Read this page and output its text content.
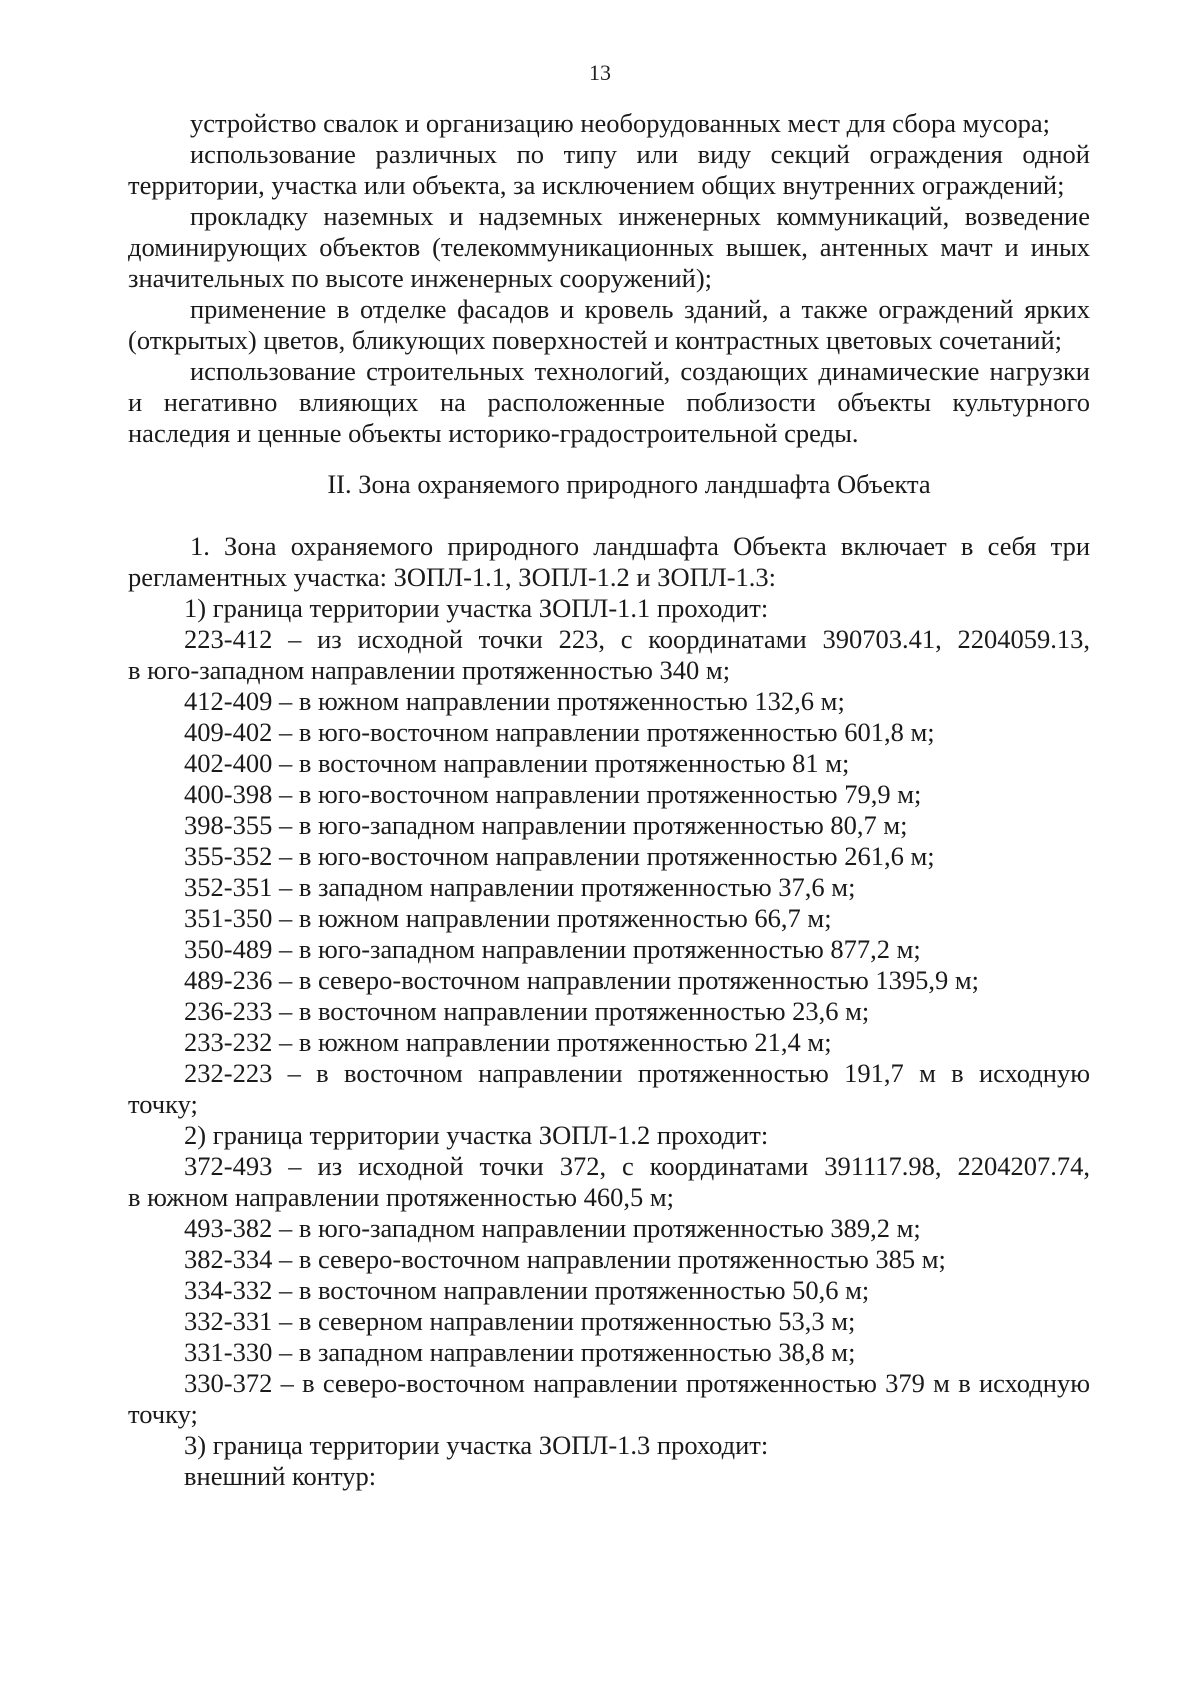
13
устройство свалок и организацию необорудованных мест для сбора мусора;
использование различных по типу или виду секций ограждения одной
территории, участка или объекта, за исключением общих внутренних ограждений;
прокладку наземных и надземных инженерных коммуникаций, возведение
доминирующих объектов (телекоммуникационных вышек, антенных мачт и иных
значительных по высоте инженерных сооружений);
применение в отделке фасадов и кровель зданий, а также ограждений ярких
(открытых) цветов, бликующих поверхностей и контрастных цветовых сочетаний;
использование строительных технологий, создающих динамические нагрузки
и негативно влияющих на расположенные поблизости объекты культурного
наследия и ценные объекты историко-градостроительной среды.
II. Зона охраняемого природного ландшафта Объекта
1. Зона охраняемого природного ландшафта Объекта включает в себя три
регламентных участка: ЗОПЛ-1.1, ЗОПЛ-1.2 и ЗОПЛ-1.3:
1) граница территории участка ЗОПЛ-1.1 проходит:
223-412 – из исходной точки 223, с координатами 390703.41, 2204059.13,
в юго-западном направлении протяженностью 340 м;
412-409 – в южном направлении протяженностью 132,6 м;
409-402 – в юго-восточном направлении протяженностью 601,8 м;
402-400 – в восточном направлении протяженностью 81 м;
400-398 – в юго-восточном направлении протяженностью 79,9 м;
398-355 – в юго-западном направлении протяженностью 80,7 м;
355-352 – в юго-восточном направлении протяженностью 261,6 м;
352-351 – в западном направлении протяженностью 37,6 м;
351-350 – в южном направлении протяженностью 66,7 м;
350-489 – в юго-западном направлении протяженностью 877,2 м;
489-236 – в северо-восточном направлении протяженностью 1395,9 м;
236-233 – в восточном направлении протяженностью 23,6 м;
233-232 – в южном направлении протяженностью 21,4 м;
232-223 – в восточном направлении протяженностью 191,7 м в исходную
точку;
2) граница территории участка ЗОПЛ-1.2 проходит:
372-493 – из исходной точки 372, с координатами 391117.98, 2204207.74,
в южном направлении протяженностью 460,5 м;
493-382 – в юго-западном направлении протяженностью 389,2 м;
382-334 – в северо-восточном направлении протяженностью 385 м;
334-332 – в восточном направлении протяженностью 50,6 м;
332-331 – в северном направлении протяженностью 53,3 м;
331-330 – в западном направлении протяженностью 38,8 м;
330-372 – в северо-восточном направлении протяженностью 379 м в исходную
точку;
3) граница территории участка ЗОПЛ-1.3 проходит:
внешний контур:
